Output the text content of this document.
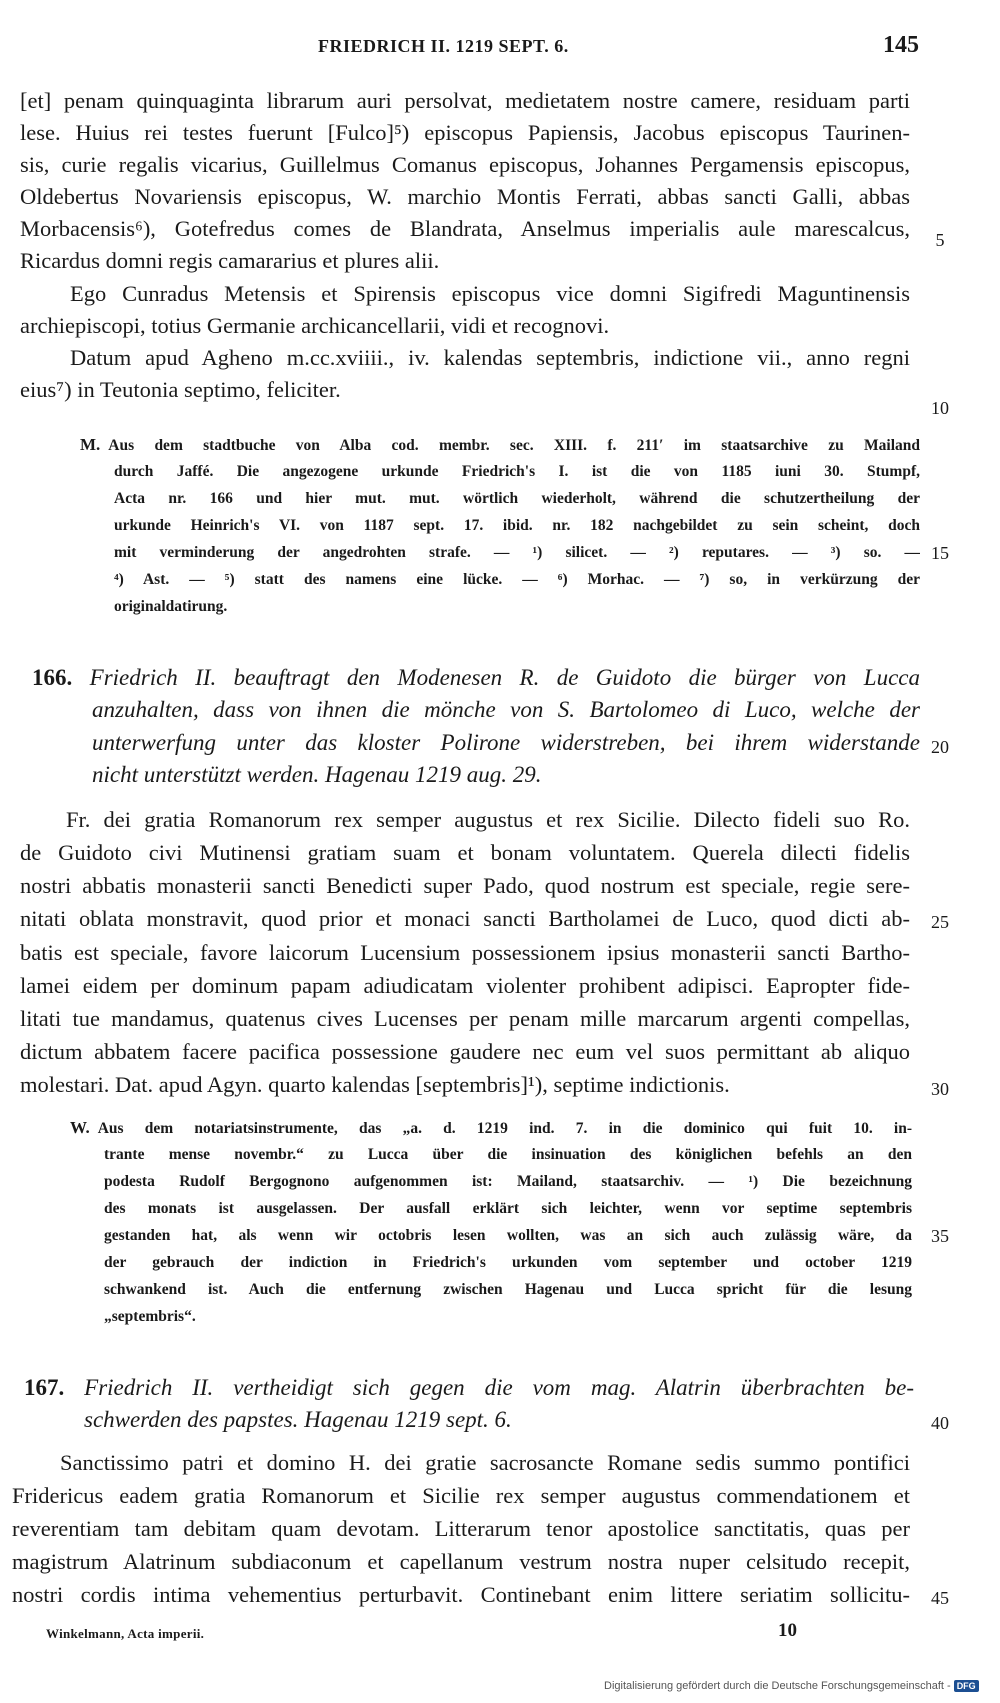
FRIEDRICH II. 1219 SEPT. 6.	145
[et] penam quinquaginta librarum auri persolvat, medietatem nostre camere, residuam parti
lese. Huius rei testes fuerunt [Fulco]⁵) episcopus Papiensis, Jacobus episcopus Taurinen-
sis, curie regalis vicarius, Guillelmus Comanus episcopus, Johannes Pergamensis episcopus,
Oldebertus Novariensis episcopus, W. marchio Montis Ferrati, abbas sancti Galli, abbas
Morbacensis⁶), Gotefredus comes de Blandrata, Anselmus imperialis aule marescalcus,
Ricardus domni regis camararius et plures alii.
Ego Cunradus Metensis et Spirensis episcopus vice domni Sigifredi Maguntinensis
archiepiscopi, totius Germanie archicancellarii, vidi et recognovi.
Datum apud Agheno m.cc.xviiii., iv. kalendas septembris, indictione vii., anno regni
eius⁷) in Teutonia septimo, feliciter.
M. Aus dem stadtbuche von Alba cod. membr. sec. XIII. f. 211′ im staatsarchive zu Mailand
durch Jaffé. Die angezogene urkunde Friedrich's I. ist die von 1185 iuni 30. Stumpf,
Acta nr. 166 und hier mut. mut. wörtlich wiederholt, während die schutzertheilung der
urkunde Heinrich's VI. von 1187 sept. 17. ibid. nr. 182 nachgebildet zu sein scheint, doch
mit verminderung der angedrohten strafe. — ¹) silicet. — ²) reputares. — ³) so. —
⁴) Ast. — ⁵) statt des namens eine lücke. — ⁶) Morhac. — ⁷) so, in verkürzung der
originaldatirung.
166. Friedrich II. beauftragt den Modenesen R. de Guidoto die bürger von Lucca
anzuhalten, dass von ihnen die mönche von S. Bartolomeo di Luco, welche der
unterwerfung unter das kloster Polirone widerstreben, bei ihrem widerstande
nicht unterstützt werden. Hagenau 1219 aug. 29.
Fr. dei gratia Romanorum rex semper augustus et rex Sicilie. Dilecto fideli suo Ro.
de Guidoto civi Mutinensi gratiam suam et bonam voluntatem. Querela dilecti fidelis
nostri abbatis monasterii sancti Benedicti super Pado, quod nostrum est speciale, regie sere-
nitati oblata monstravit, quod prior et monaci sancti Bartholamei de Luco, quod dicti ab-
batis est speciale, favore laicorum Lucensium possessionem ipsius monasterii sancti Bartho-
lamei eidem per dominum papam adiudicatam violenter prohibent adipisci. Eapropter fide-
litati tue mandamus, quatenus cives Lucenses per penam mille marcarum argenti compellas,
dictum abbatem facere pacifica possessione gaudere nec eum vel suos permittant ab aliquo
molestari. Dat. apud Agyn. quarto kalendas [septembris]¹), septime indictionis.
W. Aus dem notariatsinstrumente, das „a. d. 1219 ind. 7. in die dominico qui fuit 10. in-
trante mense novembr.“ zu Lucca über die insinuation des königlichen befehls an den
podesta Rudolf Bergognono aufgenommen ist: Mailand, staatsarchiv. — ¹) Die bezeichnung
des monats ist ausgelassen. Der ausfall erklärt sich leichter, wenn vor septime septembris
gestanden hat, als wenn wir octobris lesen wollten, was an sich auch zulässig wäre, da
der gebrauch der indiction in Friedrich's urkunden vom september und october 1219
schwankend ist. Auch die entfernung zwischen Hagenau und Lucca spricht für die lesung
„septembris“.
167. Friedrich II. vertheidigt sich gegen die vom mag. Alatrin überbrachten be-
schwerden des papstes. Hagenau 1219 sept. 6.
Sanctissimo patri et domino H. dei gratie sacrosancte Romane sedis summo pontifici
Fridericus eadem gratia Romanorum et Sicilie rex semper augustus commendationem et
reverentiam tam debitam quam devotam. Litterarum tenor apostolice sanctitatis, quas per
magistrum Alatrinum subdiaconum et capellanum vestrum nostra nuper celsitudo recepit,
nostri cordis intima vehementius perturbavit. Continebant enim littere seriatim sollicitu-
5
10
15
20
25
30
35
40
45
Winkelmann, Acta imperii.	10
Digitalisierung gefördert durch die Deutsche Forschungsgemeinschaft - DFG
